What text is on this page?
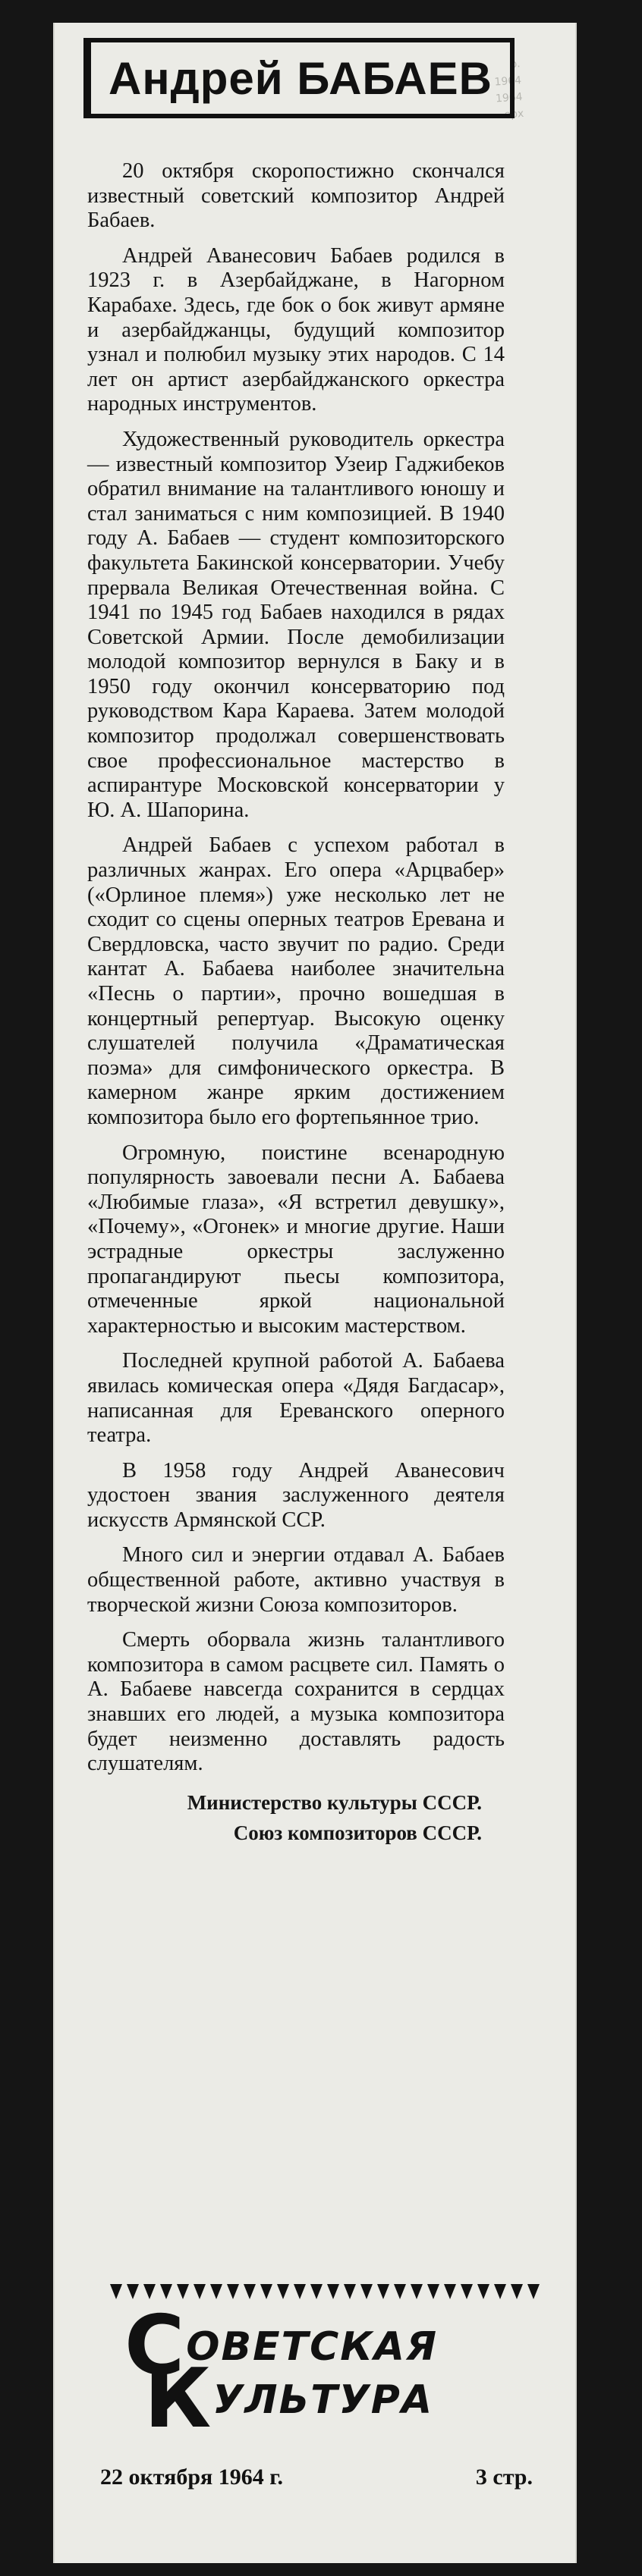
р.
1964
1964
ерх
Андрей БАБАЕВ

20 октября скоропостижно скончался известный советский композитор Андрей Бабаев.

Андрей Аванесович Бабаев родился в 1923 г. в Азербайджане, в Нагорном Карабахе. Здесь, где бок о бок живут армяне и азербайджанцы, будущий композитор узнал и полюбил музыку этих народов. С 14 лет он артист азербайджанского оркестра народных инструментов.

Художественный руководитель оркестра — известный композитор Узеир Гаджибеков обратил внимание на талантливого юношу и стал заниматься с ним композицией. В 1940 году А. Бабаев — студент композиторского факультета Бакинской консерватории. Учебу прервала Великая Отечественная война. С 1941 по 1945 год Бабаев находился в рядах Советской Армии. После демобилизации молодой композитор вернулся в Баку и в 1950 году окончил консерваторию под руководством Кара Караева. Затем молодой композитор продолжал совершенствовать свое профессиональное мастерство в аспирантуре Московской консерватории у Ю. А. Шапорина.

Андрей Бабаев с успехом работал в различных жанрах. Его опера «Арцвабер» («Орлиное племя») уже несколько лет не сходит со сцены оперных театров Еревана и Свердловска, часто звучит по радио. Среди кантат А. Бабаева наиболее значительна «Песнь о партии», прочно вошедшая в концертный репертуар. Высокую оценку слушателей получила «Драматическая поэма» для симфонического оркестра. В камерном жанре ярким достижением композитора было его фортепьянное трио.

Огромную, поистине всенародную популярность завоевали песни А. Бабаева «Любимые глаза», «Я встретил девушку», «Почему», «Огонек» и многие другие. Наши эстрадные оркестры заслуженно пропагандируют пьесы композитора, отмеченные яркой национальной характерностью и высоким мастерством.

Последней крупной работой А. Бабаева явилась комическая опера «Дядя Багдасар», написанная для Ереванского оперного театра.

В 1958 году Андрей Аванесович удостоен звания заслуженного деятеля искусств Армянской ССР.

Много сил и энергии отдавал А. Бабаев общественной работе, активно участвуя в творческой жизни Союза композиторов.

Смерть оборвала жизнь талантливого композитора в самом расцвете сил. Память о А. Бабаеве навсегда сохранится в сердцах знавших его людей, а музыка композитора будет неизменно доставлять радость слушателям.

Министерство культуры СССР.

Союз композиторов СССР.

СОВЕТСКАЯ
КУЛЬТУРА
22 октября 1964 г.	3 стр.
